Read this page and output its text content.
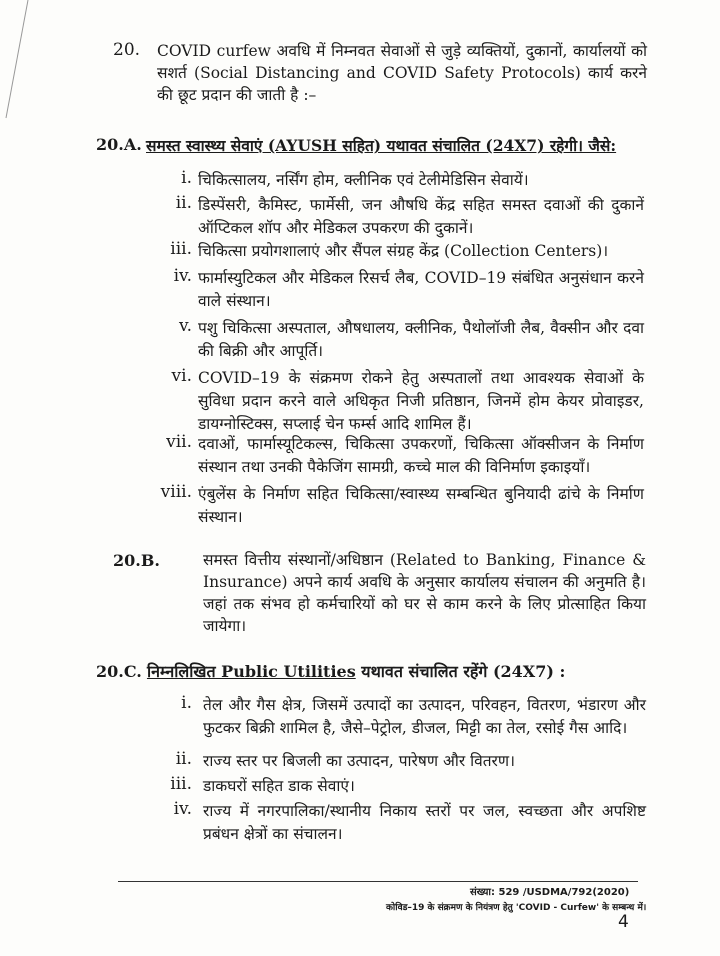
20. COVID curfew अवधि में निम्नवत सेवाओं से जुड़े व्यक्तियों, दुकानों, कार्यालयों को सशर्त (Social Distancing and COVID Safety Protocols) कार्य करने की छूट प्रदान की जाती है :–
20.A. समस्त स्वास्थ्य सेवाएं (AYUSH सहित) यथावत संचालित (24X7) रहेगी। जैसे:
i. चिकित्सालय, नर्सिंग होम, क्लीनिक एवं टेलीमेडिसिन सेवायें।
ii. डिस्पेंसरी, कैमिस्ट, फार्मेसी, जन औषधि केंद्र सहित समस्त दवाओं की दुकानें ऑप्टिकल शॉप और मेडिकल उपकरण की दुकानें।
iii. चिकित्सा प्रयोगशालाएं और सैंपल संग्रह केंद्र (Collection Centers)।
iv. फार्मास्युटिकल और मेडिकल रिसर्च लैब, COVID–19 संबंधित अनुसंधान करने वाले संस्थान।
v. पशु चिकित्सा अस्पताल, औषधालय, क्लीनिक, पैथोलॉजी लैब, वैक्सीन और दवा की बिक्री और आपूर्ति।
vi. COVID–19 के संक्रमण रोकने हेतु अस्पतालों तथा आवश्यक सेवाओं के सुविधा प्रदान करने वाले अधिकृत निजी प्रतिष्ठान, जिनमें होम केयर प्रोवाइडर, डायग्नोस्टिक्स, सप्लाई चेन फर्म्स आदि शामिल हैं।
vii. दवाओं, फार्मास्यूटिकल्स, चिकित्सा उपकरणों, चिकित्सा ऑक्सीजन के निर्माण संस्थान तथा उनकी पैकेजिंग सामग्री, कच्चे माल की विनिर्माण इकाइयाँ।
viii. एंबुलेंस के निर्माण सहित चिकित्सा/स्वास्थ्य सम्बन्धित बुनियादी ढांचे के निर्माण संस्थान।
20.B.	समस्त वित्तीय संस्थानों/अधिष्ठान (Related to Banking, Finance & Insurance) अपने कार्य अवधि के अनुसार कार्यालय संचालन की अनुमति है। जहां तक संभव हो कर्मचारियों को घर से काम करने के लिए प्रोत्साहित किया जायेगा।
20.C. निम्नलिखित Public Utilities यथावत संचालित रहेंगे (24X7) :
i. तेल और गैस क्षेत्र, जिसमें उत्पादों का उत्पादन, परिवहन, वितरण, भंडारण और फुटकर बिक्री शामिल है, जैसे–पेट्रोल, डीजल, मिट्टी का तेल, रसोई गैस आदि।
ii. राज्य स्तर पर बिजली का उत्पादन, पारेषण और वितरण।
iii. डाकघरों सहित डाक सेवाएं।
iv. राज्य में नगरपालिका/स्थानीय निकाय स्तरों पर जल, स्वच्छता और अपशिष्ट प्रबंधन क्षेत्रों का संचालन।
संख्या: 529 /USDMA/792(2020)
कोविड–19 के संक्रमण के नियंत्रण हेतु 'COVID - Curfew' के सम्बन्ध में।
4
